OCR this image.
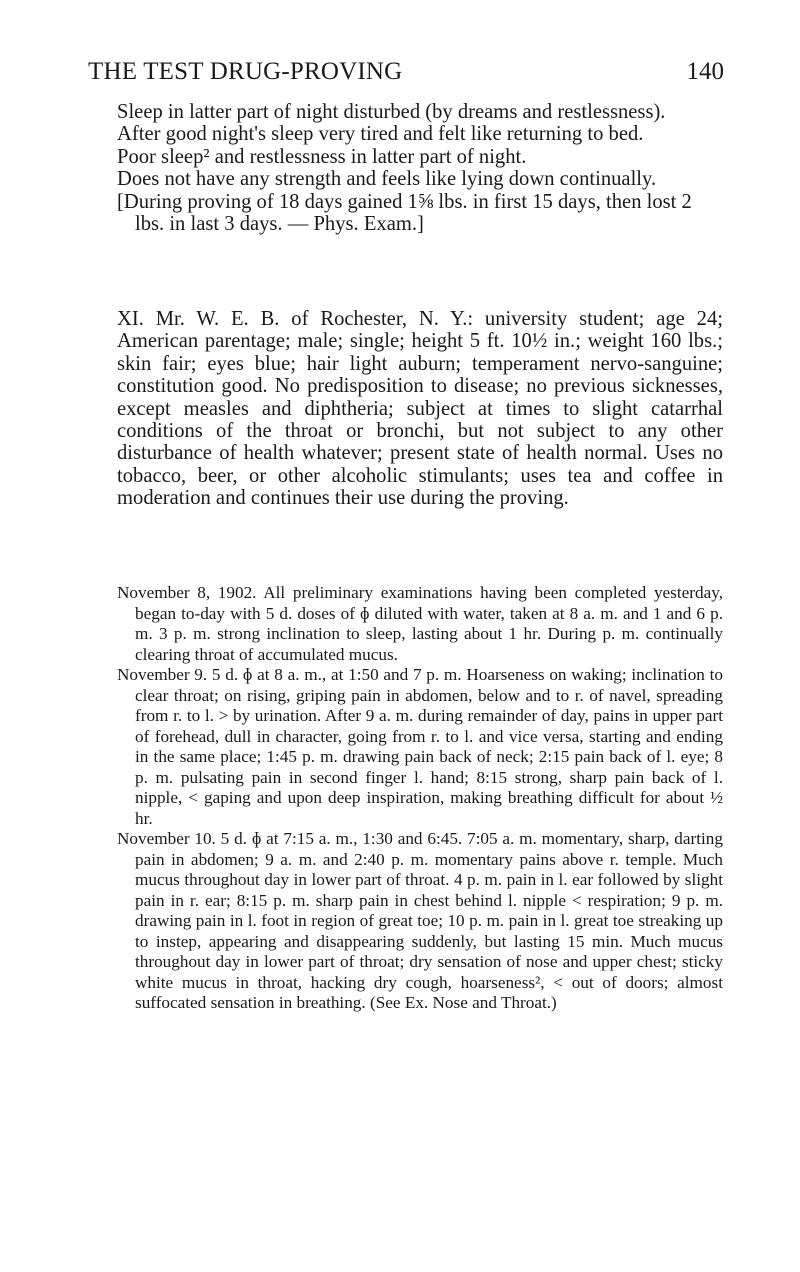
THE TEST DRUG-PROVING	140

Sleep in latter part of night disturbed (by dreams and restlessness).

After good night's sleep very tired and felt like returning to bed.

Poor sleep² and restlessness in latter part of night.

Does not have any strength and feels like lying down continually.

[During proving of 18 days gained 1⅝ lbs. in first 15 days, then lost 2 lbs. in last 3 days. — Phys. Exam.]

XI. Mr. W. E. B. of Rochester, N. Y.: university student; age 24; American parentage; male; single; height 5 ft. 10½ in.; weight 160 lbs.; skin fair; eyes blue; hair light auburn; temperament nervo-sanguine; constitution good. No predisposition to disease; no previous sicknesses, except measles and diphtheria; subject at times to slight catarrhal conditions of the throat or bronchi, but not subject to any other disturbance of health whatever; present state of health normal. Uses no tobacco, beer, or other alcoholic stimulants; uses tea and coffee in moderation and continues their use during the proving.

November 8, 1902. All preliminary examinations having been completed yesterday, began to-day with 5 d. doses of ɸ diluted with water, taken at 8 a. m. and 1 and 6 p. m. 3 p. m. strong inclination to sleep, lasting about 1 hr. During p. m. continually clearing throat of accumulated mucus.

November 9. 5 d. ɸ at 8 a. m., at 1:50 and 7 p. m. Hoarseness on waking; inclination to clear throat; on rising, griping pain in abdomen, below and to r. of navel, spreading from r. to l. > by urination. After 9 a. m. during remainder of day, pains in upper part of forehead, dull in character, going from r. to l. and vice versa, starting and ending in the same place; 1:45 p. m. drawing pain back of neck; 2:15 pain back of l. eye; 8 p. m. pulsating pain in second finger l. hand; 8:15 strong, sharp pain back of l. nipple, < gaping and upon deep inspiration, making breathing difficult for about ½ hr.

November 10. 5 d. ɸ at 7:15 a. m., 1:30 and 6:45. 7:05 a. m. momentary, sharp, darting pain in abdomen; 9 a. m. and 2:40 p. m. momentary pains above r. temple. Much mucus throughout day in lower part of throat. 4 p. m. pain in l. ear followed by slight pain in r. ear; 8:15 p. m. sharp pain in chest behind l. nipple < respiration; 9 p. m. drawing pain in l. foot in region of great toe; 10 p. m. pain in l. great toe streaking up to instep, appearing and disappearing suddenly, but lasting 15 min. Much mucus throughout day in lower part of throat; dry sensation of nose and upper chest; sticky white mucus in throat, hacking dry cough, hoarseness², < out of doors; almost suffocated sensation in breathing. (See Ex. Nose and Throat.)
